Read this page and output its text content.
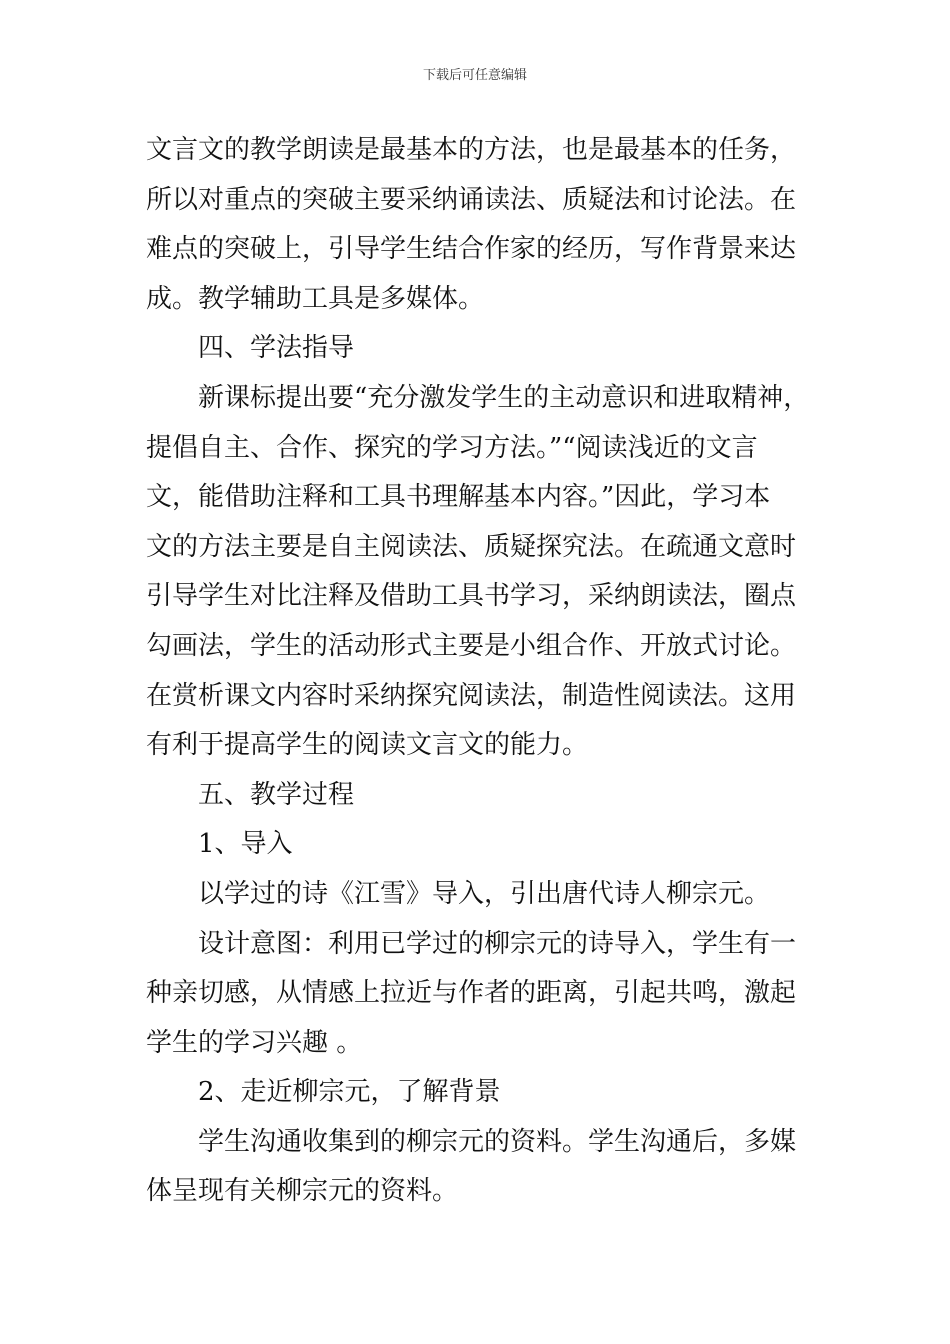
下载后可任意编辑
文言文的教学朗读是最基本的方法，也是最基本的任务，
所以对重点的突破主要采纳诵读法、质疑法和讨论法。在
难点的突破上，引导学生结合作家的经历，写作背景来达
成。教学辅助工具是多媒体。
四、学法指导
新课标提出要“充分激发学生的主动意识和进取精神，
提倡自主、合作、探究的学习方法。”“阅读浅近的文言
文，能借助注释和工具书理解基本内容。”因此，学习本
文的方法主要是自主阅读法、质疑探究法。在疏通文意时
引导学生对比注释及借助工具书学习，采纳朗读法，圈点
勾画法，学生的活动形式主要是小组合作、开放式讨论。
在赏析课文内容时采纳探究阅读法，制造性阅读法。这用
有利于提高学生的阅读文言文的能力。
五、教学过程
1、导入
以学过的诗《江雪》导入，引出唐代诗人柳宗元。
设计意图：利用已学过的柳宗元的诗导入，学生有一
种亲切感，从情感上拉近与作者的距离，引起共鸣，激起
学生的学习兴趣 。
2、走近柳宗元，了解背景
学生沟通收集到的柳宗元的资料。学生沟通后，多媒
体呈现有关柳宗元的资料。
